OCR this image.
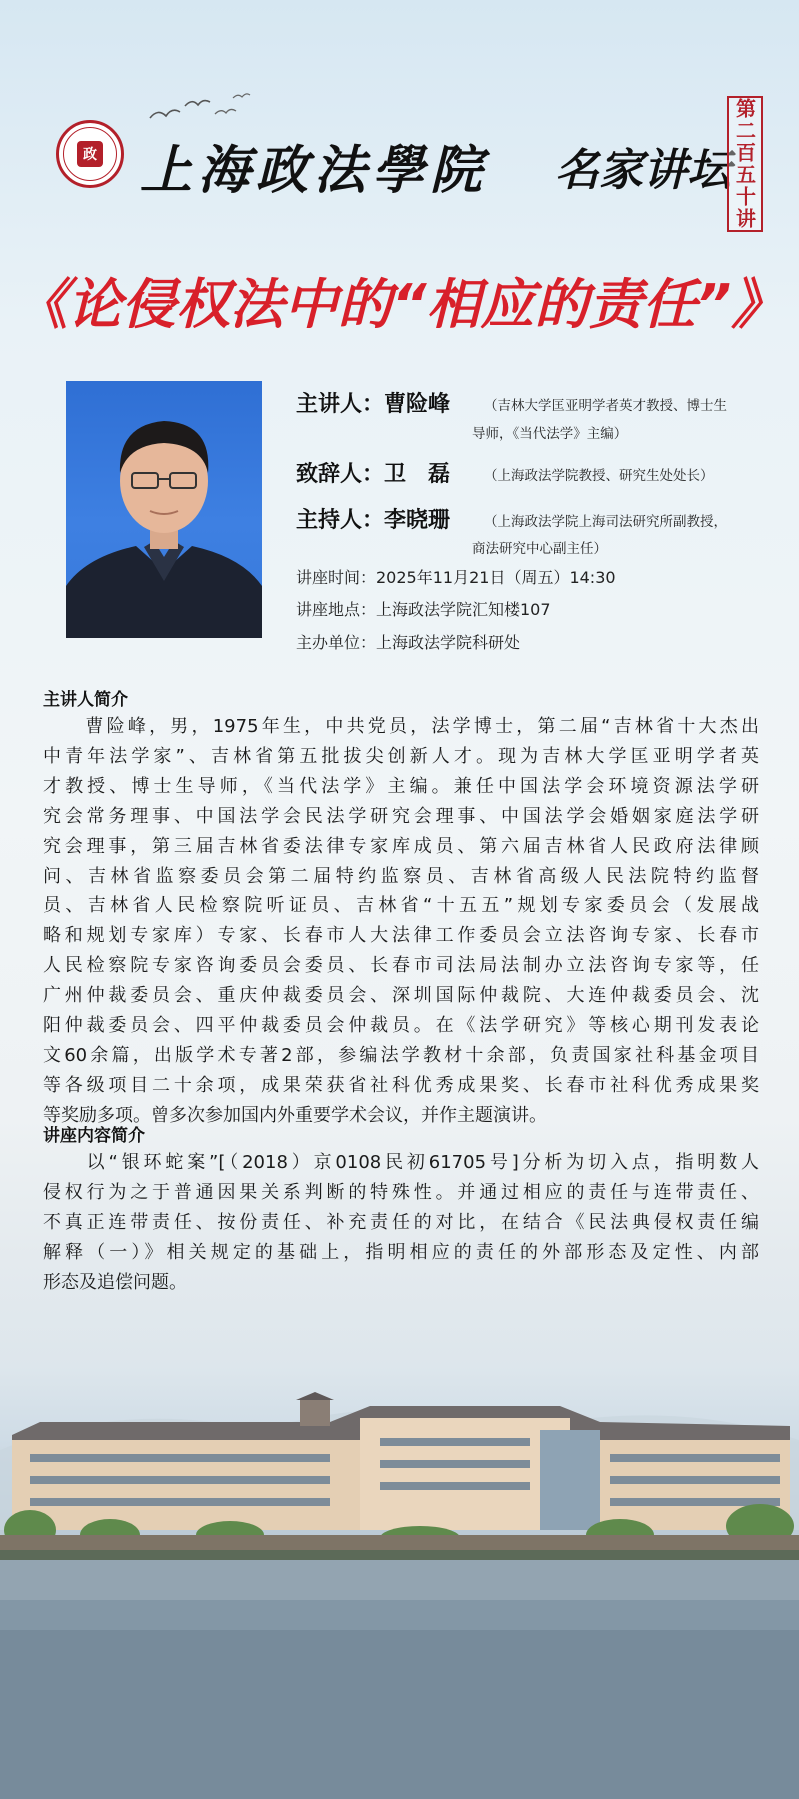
政 上海政法學院 名家讲坛 第二百五十讲
《论侵权法中的“相应的责任”》
主讲人：曹险峰	（吉林大学匡亚明学者英才教授、博士生
导师，《当代法学》主编）
致辞人：卫　磊	（上海政法学院教授、研究生处处长）
主持人：李晓珊	（上海政法学院上海司法研究所副教授，
商法研究中心副主任）
讲座时间：2025年11月21日（周五）14:30
讲座地点：上海政法学院汇知楼107
主办单位：上海政法学院科研处
主讲人简介
　　曹险峰，男，1975年生，中共党员，法学博士，第二届“吉林省十大杰出
中青年法学家”、吉林省第五批拔尖创新人才。现为吉林大学匡亚明学者英
才教授、博士生导师，《当代法学》主编。兼任中国法学会环境资源法学研
究会常务理事、中国法学会民法学研究会理事、中国法学会婚姻家庭法学研
究会理事，第三届吉林省委法律专家库成员、第六届吉林省人民政府法律顾
问、吉林省监察委员会第二届特约监察员、吉林省高级人民法院特约监督
员、吉林省人民检察院听证员、吉林省“十五五”规划专家委员会（发展战
略和规划专家库）专家、长春市人大法律工作委员会立法咨询专家、长春市
人民检察院专家咨询委员会委员、长春市司法局法制办立法咨询专家等，任
广州仲裁委员会、重庆仲裁委员会、深圳国际仲裁院、大连仲裁委员会、沈
阳仲裁委员会、四平仲裁委员会仲裁员。在《法学研究》等核心期刊发表论
文60余篇，出版学术专著2部，参编法学教材十余部，负责国家社科基金项目
等各级项目二十余项，成果荣获省社科优秀成果奖、长春市社科优秀成果奖
等奖励多项。曾多次参加国内外重要学术会议，并作主题演讲。
讲座内容简介
　　以“银环蛇案”[（2018）京0108民初61705号]分析为切入点，指明数人
侵权行为之于普通因果关系判断的特殊性。并通过相应的责任与连带责任、
不真正连带责任、按份责任、补充责任的对比，在结合《民法典侵权责任编
解释（一）》相关规定的基础上，指明相应的责任的外部形态及定性、内部
形态及追偿问题。
